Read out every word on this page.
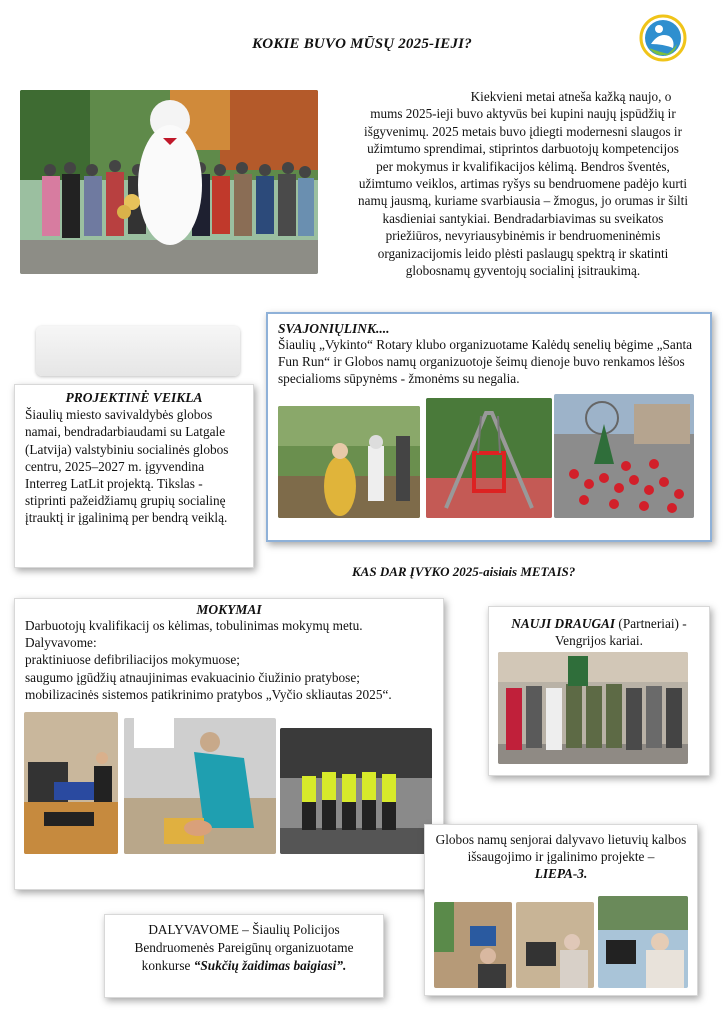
KOKIE BUVO MŪSŲ 2025-IEJI?
Kiekvieni metai atneša kažką naujo, o mums 2025-ieji buvo aktyvūs bei kupini naujų įspūdžių ir išgyvenimų. 2025 metais buvo įdiegti modernesni slaugos ir užimtumo sprendimai, stiprintos darbuotojų kompetencijos per mokymus ir kvalifikacijos kėlimą. Bendros šventės, užimtumo veiklos, artimas ryšys su bendruomene padėjo kurti namų jausmą, kuriame svarbiausia – žmogus, jo orumas ir šilti kasdieniai santykiai. Bendradarbiavimas su sveikatos priežiūros, nevyriausybinėmis ir bendruomeninėmis organizacijomis leido plėsti paslaugų spektrą ir skatinti globosnamų gyventojų socialinį įsitraukimą.
PROJEKTINĖ VEIKLA
Šiaulių miesto savivaldybės globos namai, bendradarbiaudami su Latgale (Latvija) valstybiniu socialinės globos centru, 2025–2027 m. įgyvendina Interreg LatLit projektą. Tikslas - stiprinti pažeidžiamų grupių socialinę įtrauktį ir įgalinimą per bendrą veiklą.
SVAJONIŲLINK....
Šiaulių „Vykinto“ Rotary klubo organizuotame Kalėdų senelių bėgime „Santa Fun Run“ ir Globos namų organizuotoje šeimų dienoje buvo renkamos lėšos specialioms sūpynėms - žmonėms su negalia.
KAS DAR ĮVYKO 2025-aisiais METAIS?
MOKYMAI
Darbuotojų kvalifikacij os kėlimas, tobulinimas mokymų metu.
Dalyvavome:
praktiniuose defibriliacijos mokymuose;
saugumo įgūdžių atnaujinimas evakuacinio čiužinio pratybose;
mobilizacinės sistemos patikrinimo pratybos „Vyčio skliautas 2025“.
NAUJI DRAUGAI (Partneriai) -
Vengrijos kariai.
Globos namų senjorai dalyvavo lietuvių kalbos išsaugojimo ir įgalinimo projekte –
LIEPA-3.
DALYVAVOME – Šiaulių Policijos Bendruomenės Pareigūnų organizuotame konkurse “Sukčių žaidimas baigiasi”.
